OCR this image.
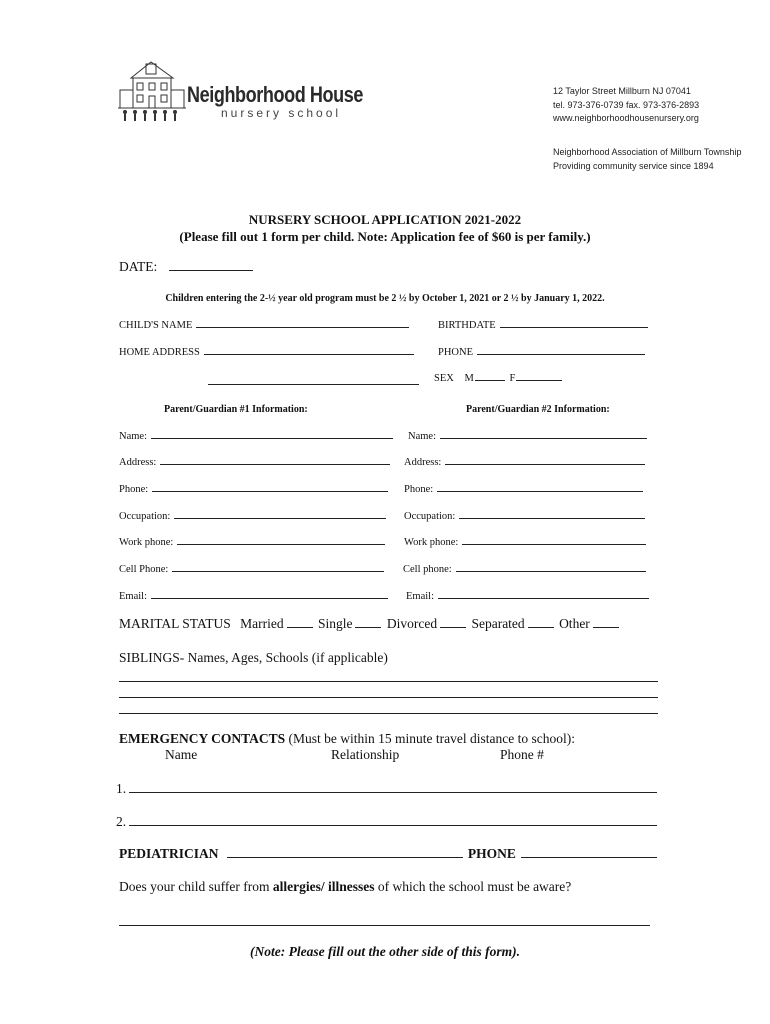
Neighborhood House
nursery school
12 Taylor Street Millburn NJ 07041
tel. 973-376-0739 fax. 973-376-2893
www.neighborhoodhousenursery.org
Neighborhood Association of Millburn Township
Providing community service since 1894
NURSERY SCHOOL APPLICATION 2021-2022
(Please fill out 1 form per child. Note: Application fee of $60 is per family.)
DATE:
Children entering the 2-½ year old program must be 2 ½ by October 1, 2021 or 2 ½ by January 1, 2022.
CHILD'S NAME	BIRTHDATE
HOME ADDRESS	PHONE
SEX M	F
Parent/Guardian #1 Information:	Parent/Guardian #2 Information:
Name:
Address:
Phone:
Occupation:
Work phone:
Cell Phone:
Email:
Name:
Address:
Phone:
Occupation:
Work phone:
Cell phone:
Email:
MARITAL STATUS Married	Single	Divorced	Separated	Other
SIBLINGS- Names, Ages, Schools (if applicable)
EMERGENCY CONTACTS (Must be within 15 minute travel distance to school):
Name	Relationship	Phone #
1.
2.
PEDIATRICIAN	PHONE
Does your child suffer from allergies/ illnesses of which the school must be aware?
(Note: Please fill out the other side of this form).
